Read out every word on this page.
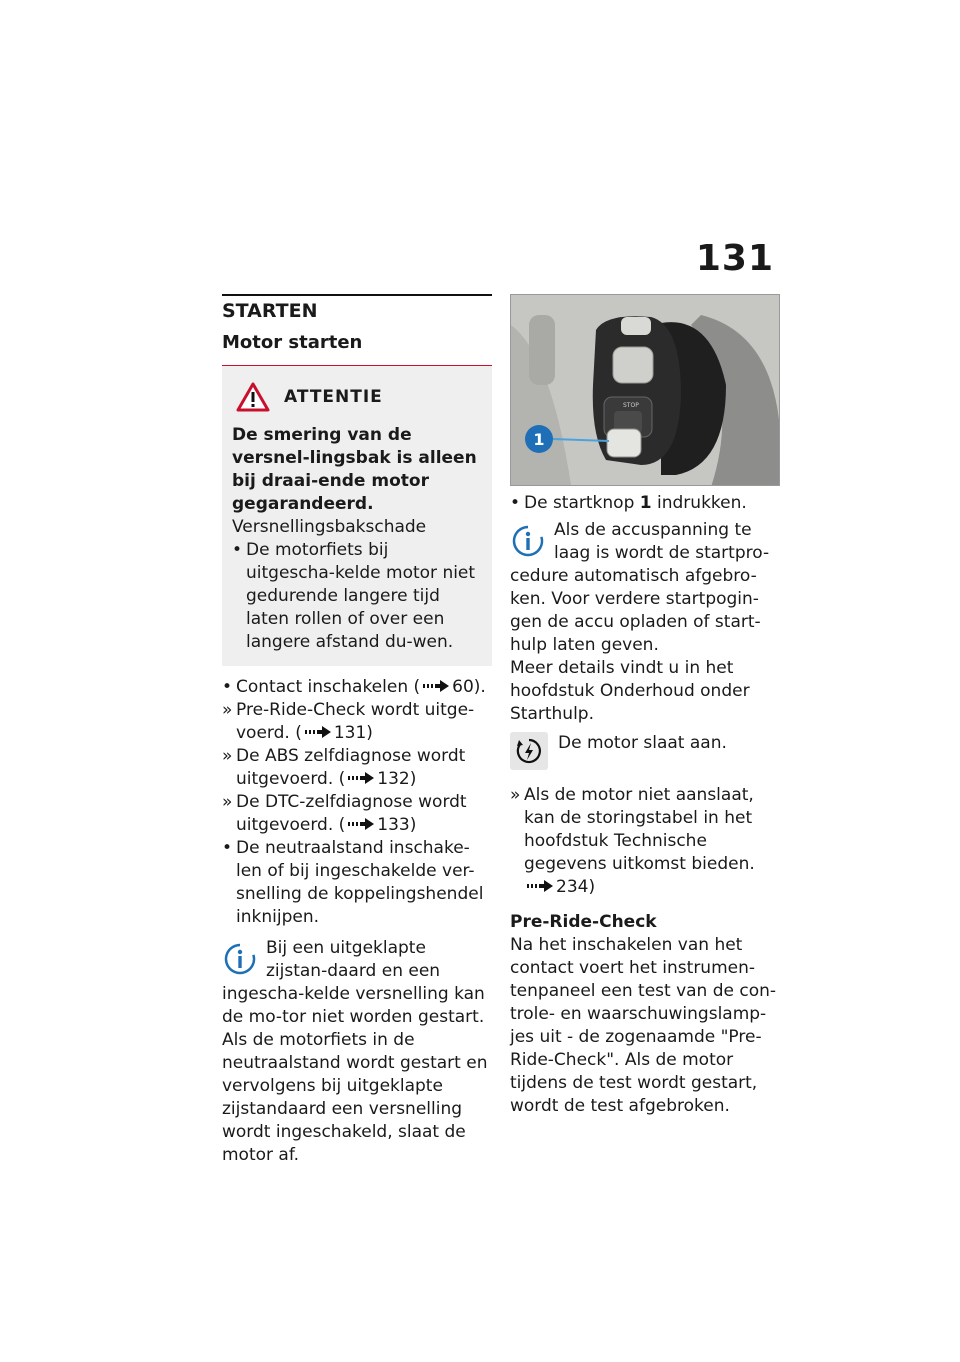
131
STARTEN
Motor starten
ATTENTIE
De smering van de versnel-lingsbak is alleen bij draai-ende motor gegarandeerd.
Versnellingsbakschade
• De motorfiets bij uitgescha-kelde motor niet gedurende langere tijd laten rollen of over een langere afstand du-wen.
• Contact inschakelen ( 60).
» Pre-Ride-Check wordt uitge-voerd. ( 131)
» De ABS zelfdiagnose wordt uitgevoerd. ( 132)
» De DTC-zelfdiagnose wordt uitgevoerd. ( 133)
• De neutraalstand inschake-len of bij ingeschakelde ver-snelling de koppelingshendel inknijpen.
Bij een uitgeklapte zijstan-daard en een ingescha-kelde versnelling kan de mo-tor niet worden gestart. Als de motorfiets in de neutraalstand wordt gestart en vervolgens bij uitgeklapte zijstandaard een versnelling wordt ingeschakeld, slaat de motor af.
STOP
1
• De startknop 1 indrukken.
Als de accuspanning te laag is wordt de startpro-cedure automatisch afgebro-ken. Voor verdere startpogin-gen de accu opladen of start-hulp laten geven.
Meer details vindt u in het hoofdstuk Onderhoud onder Starthulp.
De motor slaat aan.
» Als de motor niet aanslaat, kan de storingstabel in het hoofdstuk Technische gegevens uitkomst bieden.
234)
Pre-Ride-Check
Na het inschakelen van het contact voert het instrumen-tenpaneel een test van de con-trole- en waarschuwingslamp-jes uit - de zogenaamde "Pre-Ride-Check". Als de motor tijdens de test wordt gestart, wordt de test afgebroken.
